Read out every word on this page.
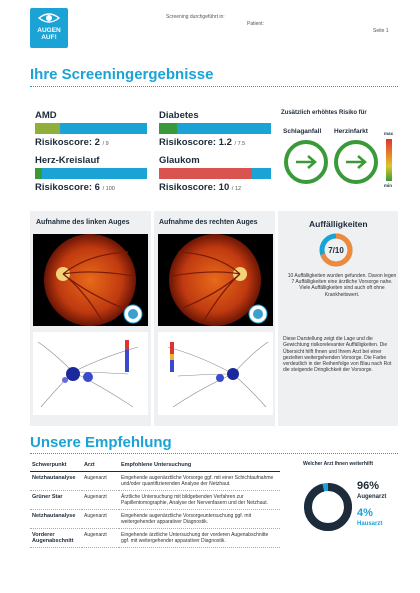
AUGEN
AUF!
Screening durchgeführt in:
Patient:
Seite 1
Ihre Screeningergebnisse
AMD
Risikoscore: 2 / 9
Diabetes
Risikoscore: 1.2 / 7.5
Herz-Kreislauf
Risikoscore: 6 / 100
Glaukom
Risikoscore: 10 / 12
Zusätzlich erhöhtes Risiko für
Schlaganfall Herzinfarkt	max
min
Aufnahme des linken Auges	Aufnahme des rechten Auges	Auffälligkeiten
7/10
10 Auffälligkeiten wurden gefunden. Davon legen 7 Auffälligkeiten eine ärztliche Vorsorge nahe. Viele Auffälligkeiten sind auch oft ohne Krankheitswert.
Diese Darstellung zeigt die Lage und die Gewichtung risikorelevanter Auffälligkeiten. Die Übersicht hilft Ihnen und Ihrem Arzt bei einer gezielten weitergehenden Vorsorge. Die Farbe verdeutlich in der Reihenfolge von Blau nach Rot die steigende Dringlichkeit der Vorsorge.
Unsere Empfehlung
Schwerpunkt	Arzt	Empfohlene Untersuchung
Netzhautanalyse	Augenarzt	Eingehende augenärztliche Vorsorge ggf. mit einer Schichtaufnahme und/oder quantifizierenden Analyse der Netzhaut.
Grüner Star	Augenarzt	Ärztliche Untersuchung mit bildgebenden Verfahren zur Papillentomographie, Analyse der Nervenfasern und der Netzhaut.
Netzhautanalyse	Augenarzt	Eingehende augenärztliche Vorsorgeuntersuchung ggf. mit weitergehender apparativer Diagnostik.
Vorderer Augenabschnitt	Augenarzt	Eingehende ärztliche Untersuchung der vorderen Augenabschnitte ggf. mit weitergehender apparativer Diagnostik.
Welcher Arzt Ihnen weiterhilft
96%
Augenarzt
4%
Hausarzt
